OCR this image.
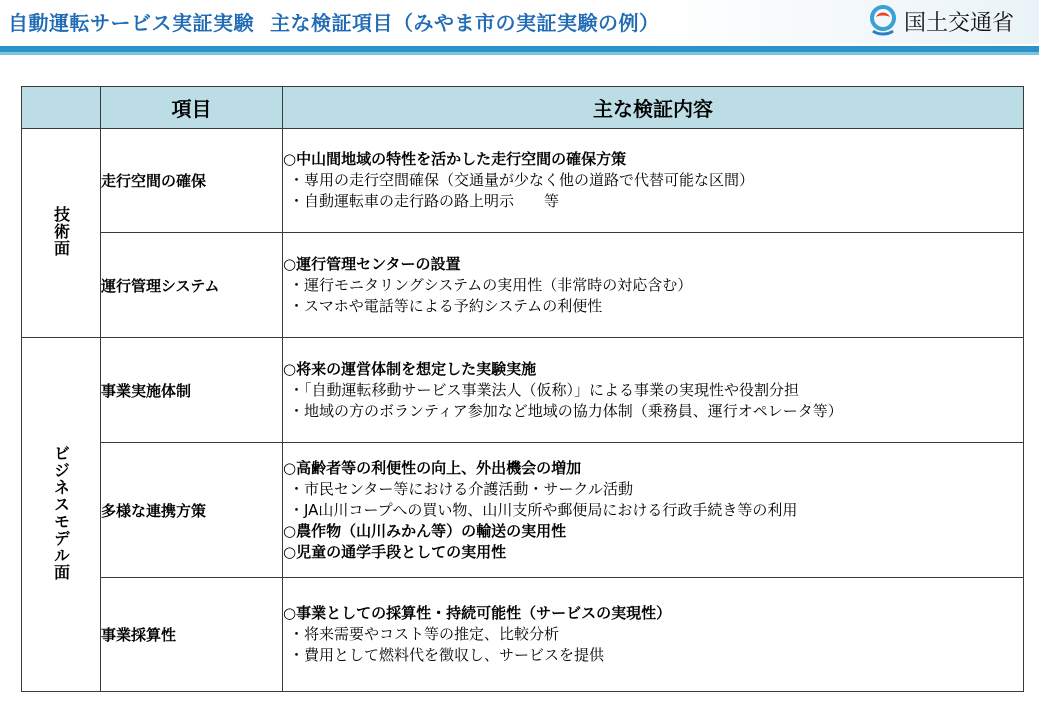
自動運転サービス実証実験 主な検証項目（みやま市の実証実験の例）	国土交通省
	項目	主な検証内容
技術面	走行空間の確保	○中山間地域の特性を活かした走行空間の確保方策
・専用の走行空間確保（交通量が少なく他の道路で代替可能な区間）
・自動運転車の走行路の路上明示　　等

	運行管理システム	○運行管理センターの設置
・運行モニタリングシステムの実用性（非常時の対応含む）
・スマホや電話等による予約システムの利便性

ビジネスモデル面	事業実施体制	○将来の運営体制を想定した実験実施
・「自動運転移動サービス事業法人（仮称）」による事業の実現性や役割分担
・地域の方のボランティア参加など地域の協力体制（乗務員、運行オペレータ等）

	多様な連携方策	○高齢者等の利便性の向上、外出機会の増加
・市民センター等における介護活動・サークル活動
・JA山川コープへの買い物、山川支所や郵便局における行政手続き等の利用
○農作物（山川みかん等）の輸送の実用性
○児童の通学手段としての実用性

	事業採算性	○事業としての採算性・持続可能性（サービスの実現性）
・将来需要やコスト等の推定、比較分析
・費用として燃料代を徴収し、サービスを提供
